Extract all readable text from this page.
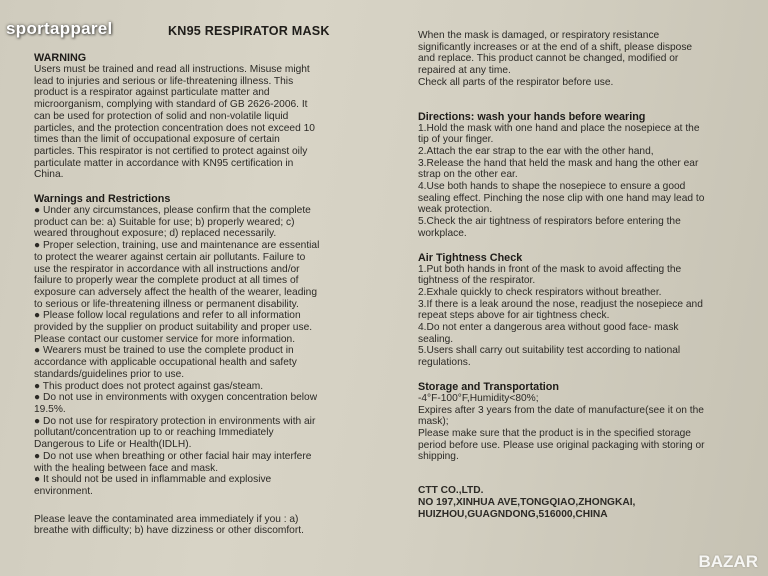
sportapparel	KN95 RESPIRATOR MASK

WARNING

Users must be trained and read all instructions. Misuse might

lead to injuries and serious or life-threatening illness. This

product is a respirator against particulate matter and

microorganism, complying with standard of GB 2626-2006. It

can be used for protection of solid and non-volatile liquid

particles, and the protection concentration does not exceed 10

times than the limit of occupational exposure of certain

particles. This respirator is not certified to protect against oily

particulate matter in accordance with KN95 certification in

China.

Warnings and Restrictions

● Under any circumstances, please confirm that the complete

product can be: a) Suitable for use; b) properly weared; c)

weared throughout exposure; d) replaced necessarily.

● Proper selection, training, use and maintenance are essential

to protect the wearer against certain air pollutants. Failure to

use the respirator in accordance with all instructions and/or

failure to properly wear the complete product at all times of

exposure can adversely affect the health of the wearer, leading

to serious or life-threatening illness or permanent disability.

● Please follow local regulations and refer to all information

provided by the supplier on product suitability and proper use.

Please contact our customer service for more information.

● Wearers must be trained to use the complete product in

accordance with applicable occupational health and safety

standards/guidelines prior to use.

● This product does not protect against gas/steam.

● Do not use in environments with oxygen concentration below

19.5%.

● Do not use for respiratory protection in environments with air

pollutant/concentration up to or reaching Immediately

Dangerous to Life or Health(IDLH).

● Do not use when breathing or other facial hair may interfere

with the healing between face and mask.

● It should not be used in inflammable and explosive

environment.

Please leave the contaminated area immediately if you : a)

breathe with difficulty; b) have dizziness or other discomfort.

When the mask is damaged, or respiratory resistance

significantly increases or at the end of a shift, please dispose

and replace. This product cannot be changed, modified or

repaired at any time.

Check all parts of the respirator before use.

Directions: wash your hands before wearing

1.Hold the mask with one hand and place the nosepiece at the

tip of your finger.

2.Attach the ear strap to the ear with the other hand,

3.Release the hand that held the mask and hang the other ear

strap on the other ear.

4.Use both hands to shape the nosepiece to ensure a good

sealing effect. Pinching the nose clip with one hand may lead to

weak protection.

5.Check the air tightness of respirators before entering the

workplace.

Air Tightness Check

1.Put both hands in front of the mask to avoid affecting the

tightness of the respirator.

2.Exhale quickly to check respirators without breather.

3.If there is a leak around the nose, readjust the nosepiece and

repeat steps above for air tightness check.

4.Do not enter a dangerous area without good face- mask

sealing.

5.Users shall carry out suitability test according to national

regulations.

Storage and Transportation

-4°F-100°F,Humidity<80%;

Expires after 3 years from the date of manufacture(see it on the

mask);

Please make sure that the product is in the specified storage

period before use. Please use original packaging with storing or

shipping.

CTT CO.,LTD.

NO 197,XINHUA AVE,TONGQIAO,ZHONGKAI,

HUIZHOU,GUAGNDONG,516000,CHINA

BAZAR
